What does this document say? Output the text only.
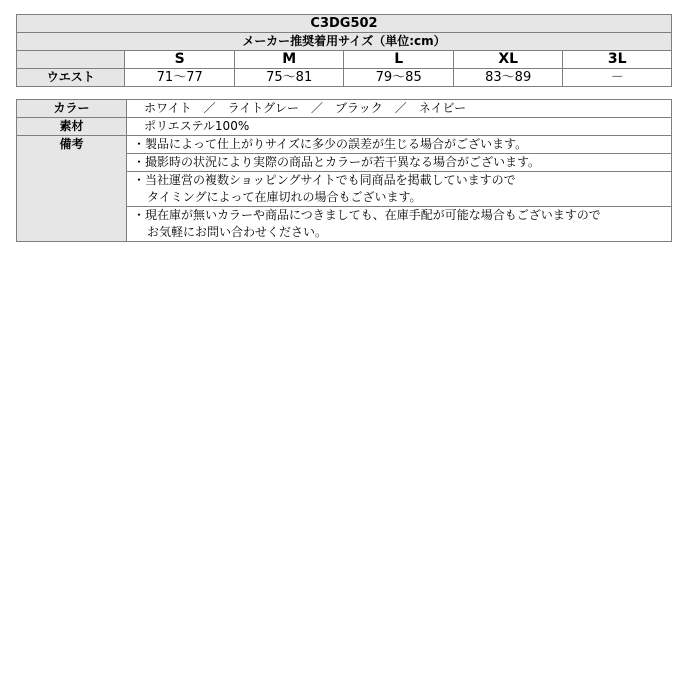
C3DG502					
メーカー推奨着用サイズ（単位:cm）					
	S	M	L	XL	3L
ウエスト	71～77	75～81	79～85	83～89	－
カラー	ホワイト　／　ライトグレー　／　ブラック　／　ネイビー
素材	ポリエステル100%
備考	・製品によって仕上がりサイズに多少の誤差が生じる場合がございます。

	・撮影時の状況により実際の商品とカラーが若干異なる場合がございます。

	・当社運営の複数ショッピングサイトでも同商品を掲載していますので
タイミングによって在庫切れの場合もございます。

	・現在庫が無いカラーや商品につきましても、在庫手配が可能な場合もございますので
お気軽にお問い合わせください。
